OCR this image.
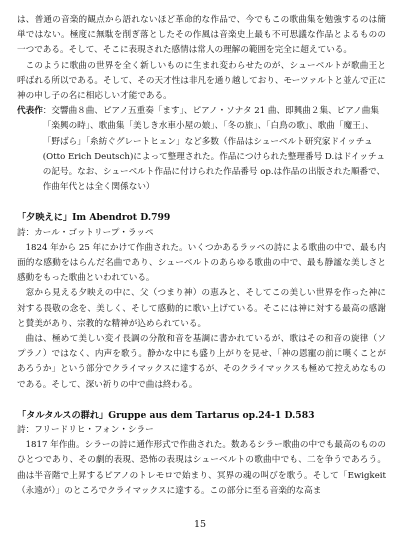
は、普通の音楽的観点から語れないほど革命的な作品で、今でもこの歌曲集を勉強するのは簡単ではない。極度に無駄を削ぎ落としたその作風は音楽史上最も不可思議な作品とよるものの一つである。そして、そこに表現された感情は常人の理解の範囲を完全に超えている。

このように歌曲の世界を全く新しいものに生まれ変わらせたのが、シューベルトが歌曲王と呼ばれる所以である。そして、その天才性は非凡を通り越しており、モーツァルトと並んで正に神の申し子の名に相応しい才能である。

代表作 ：交響曲８曲、ピアノ五重奏「ます」、ピアノ・ソナタ 21 曲、即興曲２集、ピアノ曲集「楽興の時」、歌曲集「美しき水車小屋の娘」、「冬の旅」、「白鳥の歌」、歌曲「魔王」、「野ばら」「糸紡ぐグレートヒェン」など多数（作品はシューベルト研究家ドイッチュ (Otto Erich Deutsch)によって整理された。作品につけられた整理番号 D.はドイッチュの記号。なお、シューベルト作品に付けられた作品番号 op.は作品の出版された順番で、作曲年代とは全く関係ない）
「夕映えに」Im Abendrot D.799
詩：カール・ゴットリープ・ラッペ

1824 年から 25 年にかけて作曲された。いくつかあるラッペの詩による歌曲の中で、最も内面的な感動をはらんだ名曲であり、シューベルトのあらゆる歌曲の中で、最も静謐な美しさと感動をもった歌曲といわれている。

窓から見える夕映えの中に、父（つまり神）の恵みと、そしてこの美しい世界を作った神に対する畏敬の念を、美しく、そして感動的に歌い上げている。そこには神に対する最高の感謝と賛美があり、宗教的な精神が込められている。

曲は、極めて美しい変イ長調の分散和音を基調に書かれているが、歌はその和音の旋律（ソプラノ）ではなく、内声を歌う。静かな中にも盛り上がりを見せ、「神の恩寵の前に嘆くことがあろうか」という部分でクライマックスに達するが、そのクライマックスも極めて控えめなものである。そして、深い祈りの中で曲は終わる。

「タルタルスの群れ」Gruppe aus dem Tartarus op.24-1 D.583
詩：フリードリヒ・フォン・シラー

1817 年作曲。シラーの詩に通作形式で作曲された。数あるシラー歌曲の中でも最高のもののひとつであり、その劇的表現、恐怖の表現はシューベルトの歌曲中でも、二を争うであろう。曲は半音階で上昇するピアノのトレモロで始まり、冥界の魂の叫びを歌う。そして「Ewigkeit（永遠が）」のところでクライマックスに達する。この部分に至る音楽的な高ま

15
